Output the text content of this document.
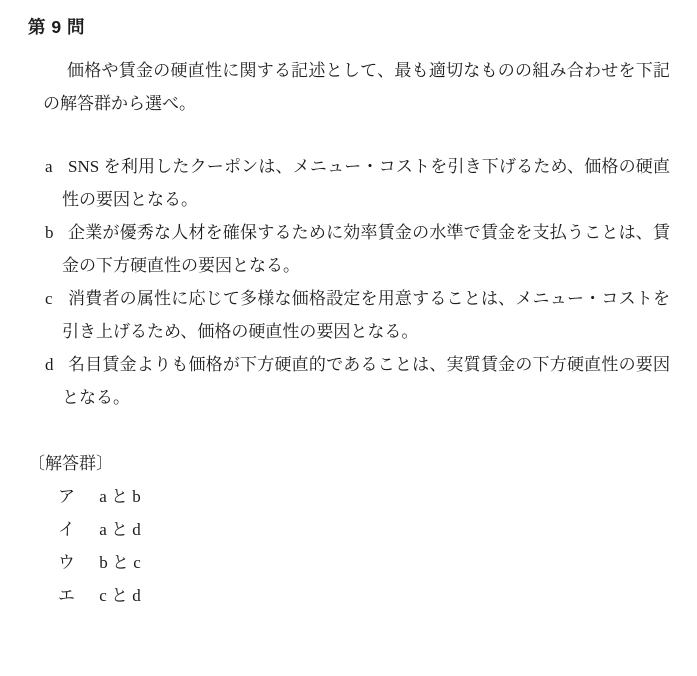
第 9 問

価格や賃金の硬直性に関する記述として、最も適切なものの組み合わせを下記の解答群から選べ。

a SNS を利用したクーポンは、メニュー・コストを引き下げるため、価格の硬直性の要因となる。
b 企業が優秀な人材を確保するために効率賃金の水準で賃金を支払うことは、賃金の下方硬直性の要因となる。
c 消費者の属性に応じて多様な価格設定を用意することは、メニュー・コストを引き上げるため、価格の硬直性の要因となる。
d 名目賃金よりも価格が下方硬直的であることは、実質賃金の下方硬直性の要因となる。
〔解答群〕
ア a と b
イ a と d
ウ b と c
エ c と d
